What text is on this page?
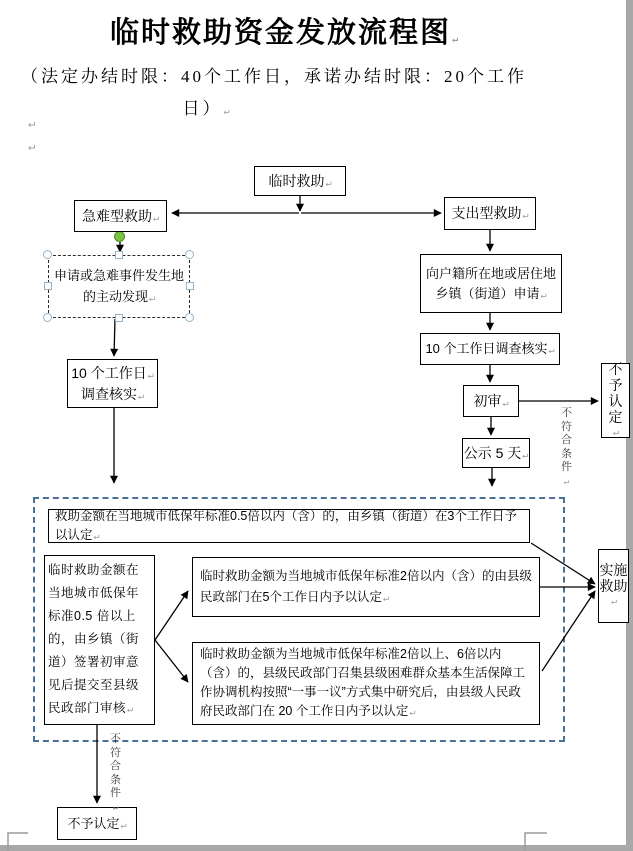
临时救助资金发放流程图↵
（法定办结时限：40个工作日，承诺办结时限：20个工作
日）↵
↵
↵
临时救助↵
急难型救助↵	支出型救助↵
申请或急难事件发生地
的主动发现↵
10 个工作日↵
调查核实↵
向户籍所在地或居住地
乡镇（街道）申请↵
10 个工作日调查核实↵
初审↵
不予认定
↵
公示 5 天↵
救助金额在当地城市低保年标准0.5倍以内（含）的，由乡镇（街道）在3个工作日予以认定↵
临时救助金额在当地城市低保年标准0.5 倍以上的，由乡镇（街道）签署初审意见后提交至县级民政部门审核↵
临时救助金额为当地城市低保年标准2倍以内（含）的由县级民政部门在5个工作日内予以认定↵
临时救助金额为当地城市低保年标准2倍以上、6倍以内（含）的，县级民政部门召集县级困难群众基本生活保障工作协调机构按照“一事一议”方式集中研究后，由县级人民政府民政部门在 20 个工作日内予以认定↵
实施救助
↵
不予认定↵
不符合条件↵
不符合条件↵
